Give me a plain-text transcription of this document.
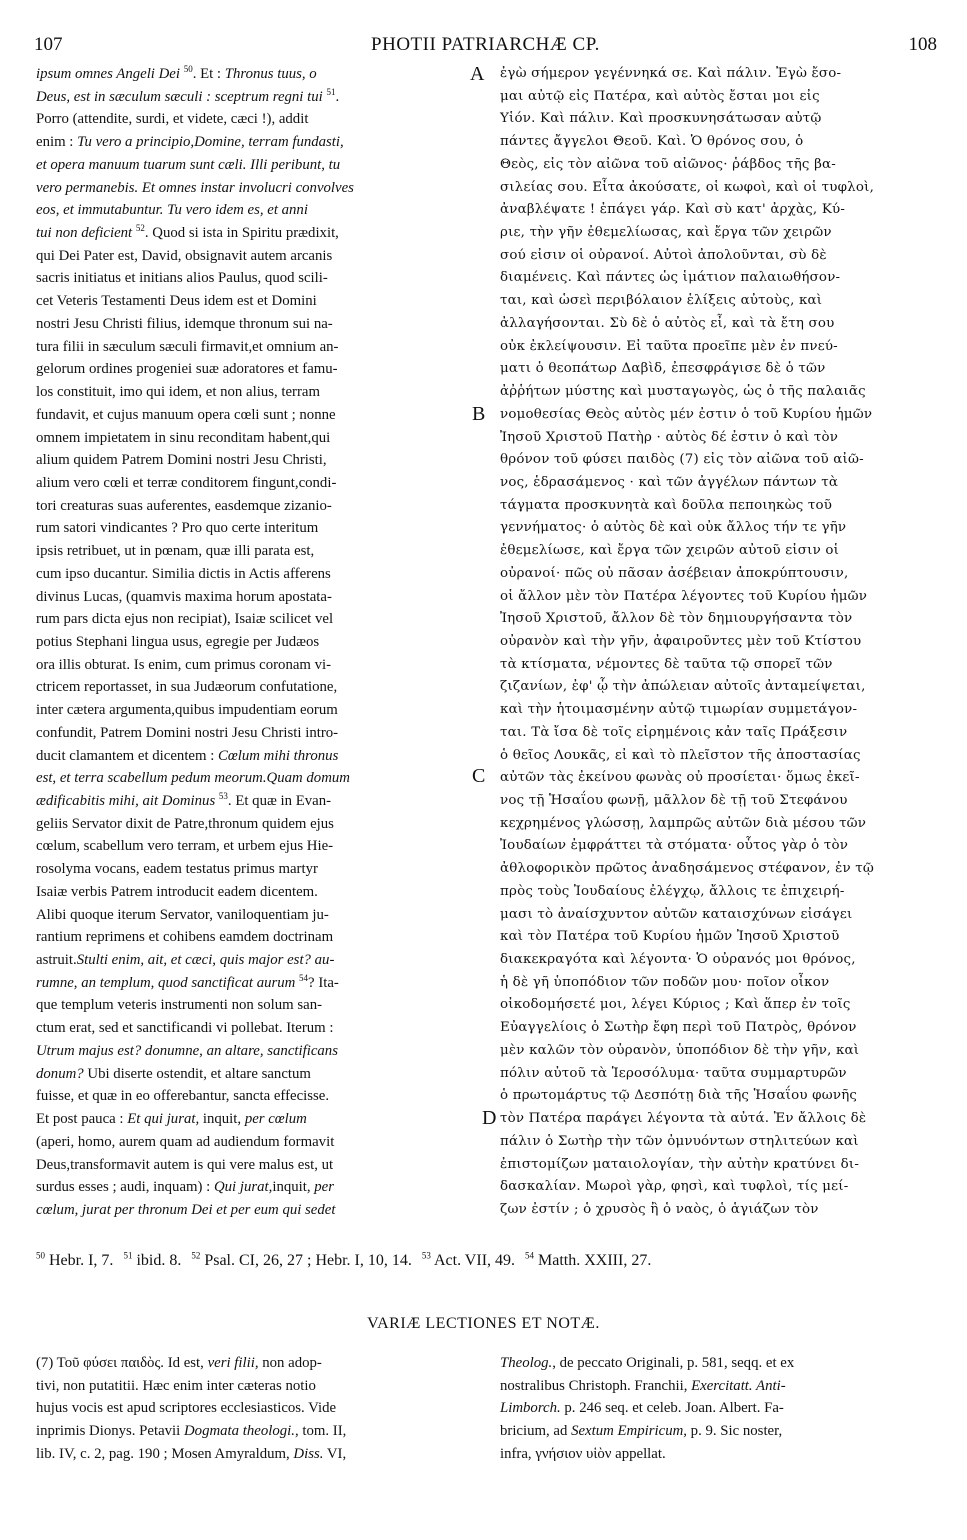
107	PHOTII PATRIARCHÆ CP.	108
ipsum omnes Angeli Dei $^{50}$. Et : Thronus tuus, o
Deus, est in sæculum sæculi : sceptrum regni tui $^{51}$.
Porro (attendite, surdi, et videte, cæci !), addit
enim : Tu vero a principio,Domine, terram fundasti,
et opera manuum tuarum sunt cæli. Illi peribunt, tu
vero permanebis. Et omnes instar involucri convolves
eos, et immutabuntur. Tu vero idem es, et anni
tui non deficient $^{52}$. Quod si ista in Spiritu prædixit,
qui Dei Pater est, David, obsignavit autem arcanis
sacris initiatus et initians alios Paulus, quod scili-
cet Veteris Testamenti Deus idem est et Domini
nostri Jesu Christi filius, idemque thronum sui na-
tura filii in sæculum sæculi firmavit,et omnium an-
gelorum ordines progeniei suæ adoratores et famu-
los constituit, imo qui idem, et non alius, terram
fundavit, et cujus manuum opera cœli sunt ; nonne
omnem impietatem in sinu reconditam habent,qui
alium quidem Patrem Domini nostri Jesu Christi,
alium vero cœli et terræ conditorem fingunt,condi-
tori creaturas suas auferentes, easdemque zizanio-
rum satori vindicantes ? Pro quo certe interitum
ipsis retribuet, ut in pœnam, quæ illi parata est,
cum ipso ducantur. Similia dictis in Actis afferens
divinus Lucas, (quamvis maxima horum apostata-
rum pars dicta ejus non recipiat), Isaiæ scilicet vel
potius Stephani lingua usus, egregie per Judæos
ora illis obturat. Is enim, cum primus coronam vi-
ctricem reportasset, in sua Judæorum confutatione,
inter cætera argumenta,quibus impudentiam eorum
confundit, Patrem Domini nostri Jesu Christi intro-
ducit clamantem et dicentem : Cœlum mihi thronus
est, et terra scabellum pedum meorum.Quam domum
ædificabitis mihi, ait Dominus $^{53}$. Et quæ in Evan-
geliis Servator dixit de Patre,thronum quidem ejus
cœlum, scabellum vero terram, et urbem ejus Hie-
rosolyma vocans, eadem testatus primus martyr
Isaiæ verbis Patrem introducit eadem dicentem.
Alibi quoque iterum Servator, vaniloquentiam ju-
rantium reprimens et cohibens eamdem doctrinam
astruit.Stulti enim, ait, et cæci, quis major est? au-
rumne, an templum, quod sanctificat aurum $^{54}$? Ita-
que templum veteris instrumenti non solum san-
ctum erat, sed et sanctificandi vi pollebat. Iterum :
Utrum majus est? donumne, an altare, sanctificans
donum? Ubi diserte ostendit, et altare sanctum
fuisse, et quæ in eo offerebantur, sancta effecisse.
Et post pauca : Et qui jurat, inquit, per cœlum
(aperi, homo, aurem quam ad audiendum formavit
Deus,transformavit autem is qui vere malus est, ut
surdus esses ; audi, inquam) : Qui jurat,inquit, per
cœlum, jurat per thronum Dei et per eum qui sedet
ἐγὼ σήμερον γεγέννηκά σε. Καὶ πάλιν. Ἐγὼ ἔσο-
μαι αὐτῷ εἰς Πατέρα, καὶ αὐτὸς ἔσται μοι εἰς
Υἱόν. Καὶ πάλιν. Καὶ προσκυνησάτωσαν αὐτῷ
πάντες ἄγγελοι Θεοῦ. Καὶ. Ὁ θρόνος σου, ὁ
Θεὸς, εἰς τὸν αἰῶνα τοῦ αἰῶνος· ῥάβδος τῆς βα-
σιλείας σου. Εἶτα ἀκούσατε, οἱ κωφοὶ, καὶ οἱ τυφλοὶ,
ἀναβλέψατε ! ἐπάγει γάρ. Καὶ σὺ κατ' ἀρχὰς, Κύ-
ριε, τὴν γῆν ἐθεμελίωσας, καὶ ἔργα τῶν χειρῶν
σού εἰσιν οἱ οὐρανοί. Αὐτοὶ ἀπολοῦνται, σὺ δὲ
διαμένεις. Καὶ πάντες ὡς ἱμάτιον παλαιωθήσον-
ται, καὶ ὡσεὶ περιβόλαιον ἑλίξεις αὐτοὺς, καὶ
ἀλλαγήσονται. Σὺ δὲ ὁ αὐτὸς εἶ, καὶ τὰ ἔτη σου
οὐκ ἐκλείψουσιν. Εἰ ταῦτα προεῖπε μὲν ἐν πνεύ-
ματι ὁ θεοπάτωρ Δαβὶδ, ἐπεσφράγισε δὲ ὁ τῶν
ἀῤῥήτων μύστης καὶ μυσταγωγὸς, ὡς ὁ τῆς παλαιᾶς
νομοθεσίας Θεὸς αὐτὸς μέν ἐστιν ὁ τοῦ Κυρίου ἡμῶν
Ἰησοῦ Χριστοῦ Πατὴρ · αὐτὸς δέ ἐστιν ὁ καὶ τὸν
θρόνον τοῦ φύσει παιδὸς (7) εἰς τὸν αἰῶνα τοῦ αἰῶ-
νος, ἑδρασάμενος · καὶ τῶν ἀγγέλων πάντων τὰ
τάγματα προσκυνητὰ καὶ δοῦλα πεποιηκὼς τοῦ
γεννήματος· ὁ αὐτὸς δὲ καὶ οὐκ ἄλλος τήν τε γῆν
ἐθεμελίωσε, καὶ ἔργα τῶν χειρῶν αὐτοῦ εἰσιν οἱ
οὐρανοί· πῶς οὐ πᾶσαν ἀσέβειαν ἀποκρύπτουσιν,
οἱ ἄλλον μὲν τὸν Πατέρα λέγοντες τοῦ Κυρίου ἡμῶν
Ἰησοῦ Χριστοῦ, ἄλλον δὲ τὸν δημιουργήσαντα τὸν
οὐρανὸν καὶ τὴν γῆν, ἀφαιροῦντες μὲν τοῦ Κτίστου
τὰ κτίσματα, νέμοντες δὲ ταῦτα τῷ σπορεῖ τῶν
ζιζανίων, ἐφ' ᾧ τὴν ἀπώλειαν αὐτοῖς ἀνταμείψεται,
καὶ τὴν ἡτοιμασμένην αὐτῷ τιμωρίαν συμμετάγον-
ται. Τὰ ἴσα δὲ τοῖς εἰρημένοις κἀν ταῖς Πράξεσιν
ὁ θεῖος Λουκᾶς, εἰ καὶ τὸ πλεῖστον τῆς ἀποστασίας
αὐτῶν τὰς ἐκείνου φωνὰς οὐ προσίεται· ὅμως ἐκεῖ-
νος τῇ Ἡσαΐου φωνῇ, μᾶλλον δὲ τῇ τοῦ Στεφάνου
κεχρημένος γλώσσῃ, λαμπρῶς αὐτῶν διὰ μέσου τῶν
Ἰουδαίων ἐμφράττει τὰ στόματα· οὗτος γὰρ ὁ τὸν
ἀθλοφορικὸν πρῶτος ἀναδησάμενος στέφανον, ἐν τῷ
πρὸς τοὺς Ἰουδαίους ἐλέγχῳ, ἄλλοις τε ἐπιχειρή-
μασι τὸ ἀναίσχυντον αὐτῶν καταισχύνων εἰσάγει
καὶ τὸν Πατέρα τοῦ Κυρίου ἡμῶν Ἰησοῦ Χριστοῦ
διακεκραγότα καὶ λέγοντα· Ὁ οὐρανός μοι θρόνος,
ἡ δὲ γῆ ὑποπόδιον τῶν ποδῶν μου· ποῖον οἶκον
οἰκοδομήσετέ μοι, λέγει Κύριος ; Καὶ ἅπερ ἐν τοῖς
Εὐαγγελίοις ὁ Σωτὴρ ἔφη περὶ τοῦ Πατρὸς, θρόνον
μὲν καλῶν τὸν οὐρανὸν, ὑποπόδιον δὲ τὴν γῆν, καὶ
πόλιν αὐτοῦ τὰ Ἱεροσόλυμα· ταῦτα συμμαρτυρῶν
ὁ πρωτομάρτυς τῷ Δεσπότῃ διὰ τῆς Ἡσαΐου φωνῆς
τὸν Πατέρα παράγει λέγοντα τὰ αὐτά. Ἐν ἄλλοις δὲ
πάλιν ὁ Σωτὴρ τὴν τῶν ὀμνυόντων στηλιτεύων καὶ
ἐπιστομίζων ματαιολογίαν, τὴν αὐτὴν κρατύνει δι-
δασκαλίαν. Μωροὶ γὰρ, φησὶ, καὶ τυφλοὶ, τίς μεί-
ζων ἐστίν ; ὁ χρυσὸς ἢ ὁ ναὸς, ὁ ἁγιάζων τὸν
A
B
C
D
$^{50}$ Hebr. I, 7. $^{51}$ ibid. 8. $^{52}$ Psal. CI, 26, 27 ; Hebr. I, 10, 14. $^{53}$ Act. VII, 49. $^{54}$ Matth. XXIII, 27.
VARIÆ LECTIONES ET NOTÆ.
(7) Τοῦ φύσει παιδὸς. Id est, veri filii, non adop-
tivi, non putatitii. Hæc enim inter cæteras notio
hujus vocis est apud scriptores ecclesiasticos. Vide
inprimis Dionys. Petavii Dogmata theologi., tom. II,
lib. IV, c. 2, pag. 190 ; Mosen Amyraldum, Diss. VI,
Theolog., de peccato Originali, p. 581, seqq. et ex
nostralibus Christoph. Franchii, Exercitatt. Anti-
Limborch. p. 246 seq. et celeb. Joan. Albert. Fa-
bricium, ad Sextum Empiricum, p. 9. Sic noster,
infra, γνήσιον υἱὸν appellat.
